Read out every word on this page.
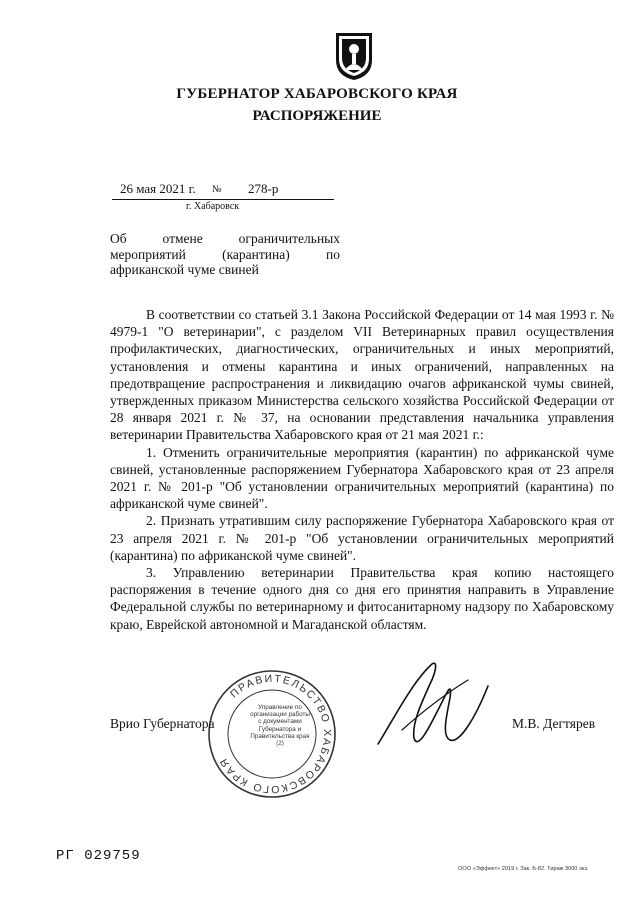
ГУБЕРНАТОР ХАБАРОВСКОГО КРАЯ
РАСПОРЯЖЕНИЕ
26 мая 2021 г. № 278-р
г. Хабаровск
Об отмене ограничительных мероприятий (карантина) по африканской чуме свиней

В соответствии со статьей 3.1 Закона Российской Федерации от 14 мая 1993 г. № 4979-1 "О ветеринарии", с разделом VII Ветеринарных правил осуществления профилактических, диагностических, ограничительных и иных мероприятий, установления и отмены карантина и иных ограничений, направленных на предотвращение распространения и ликвидацию очагов африканской чумы свиней, утвержденных приказом Министерства сельского хозяйства Российской Федерации от 28 января 2021 г. № 37, на основании представления начальника управления ветеринарии Правительства Хабаровского края от 21 мая 2021 г.:

1. Отменить ограничительные мероприятия (карантин) по африканской чуме свиней, установленные распоряжением Губернатора Хабаровского края от 23 апреля 2021 г. № 201-р "Об установлении ограничительных мероприятий (карантина) по африканской чуме свиней".

2. Признать утратившим силу распоряжение Губернатора Хабаровского края от 23 апреля 2021 г. № 201-р "Об установлении ограничительных мероприятий (карантина) по африканской чуме свиней".

3. Управлению ветеринарии Правительства края копию настоящего распоряжения в течение одного дня со дня его принятия направить в Управление Федеральной службы по ветеринарному и фитосанитарному надзору по Хабаровскому краю, Еврейской автономной и Магаданской областям.

ПРАВИТЕЛЬСТВО ХАБАРОВСКОГО КРАЯ
Управление по организации работы с документами Губернатора и Правительства края (2)
Врио Губернатора	М.В. Дегтярев
РГ 029759
ООО «Эффект» 2019 г. Зак. Б-82. Тираж 3000 экз.
